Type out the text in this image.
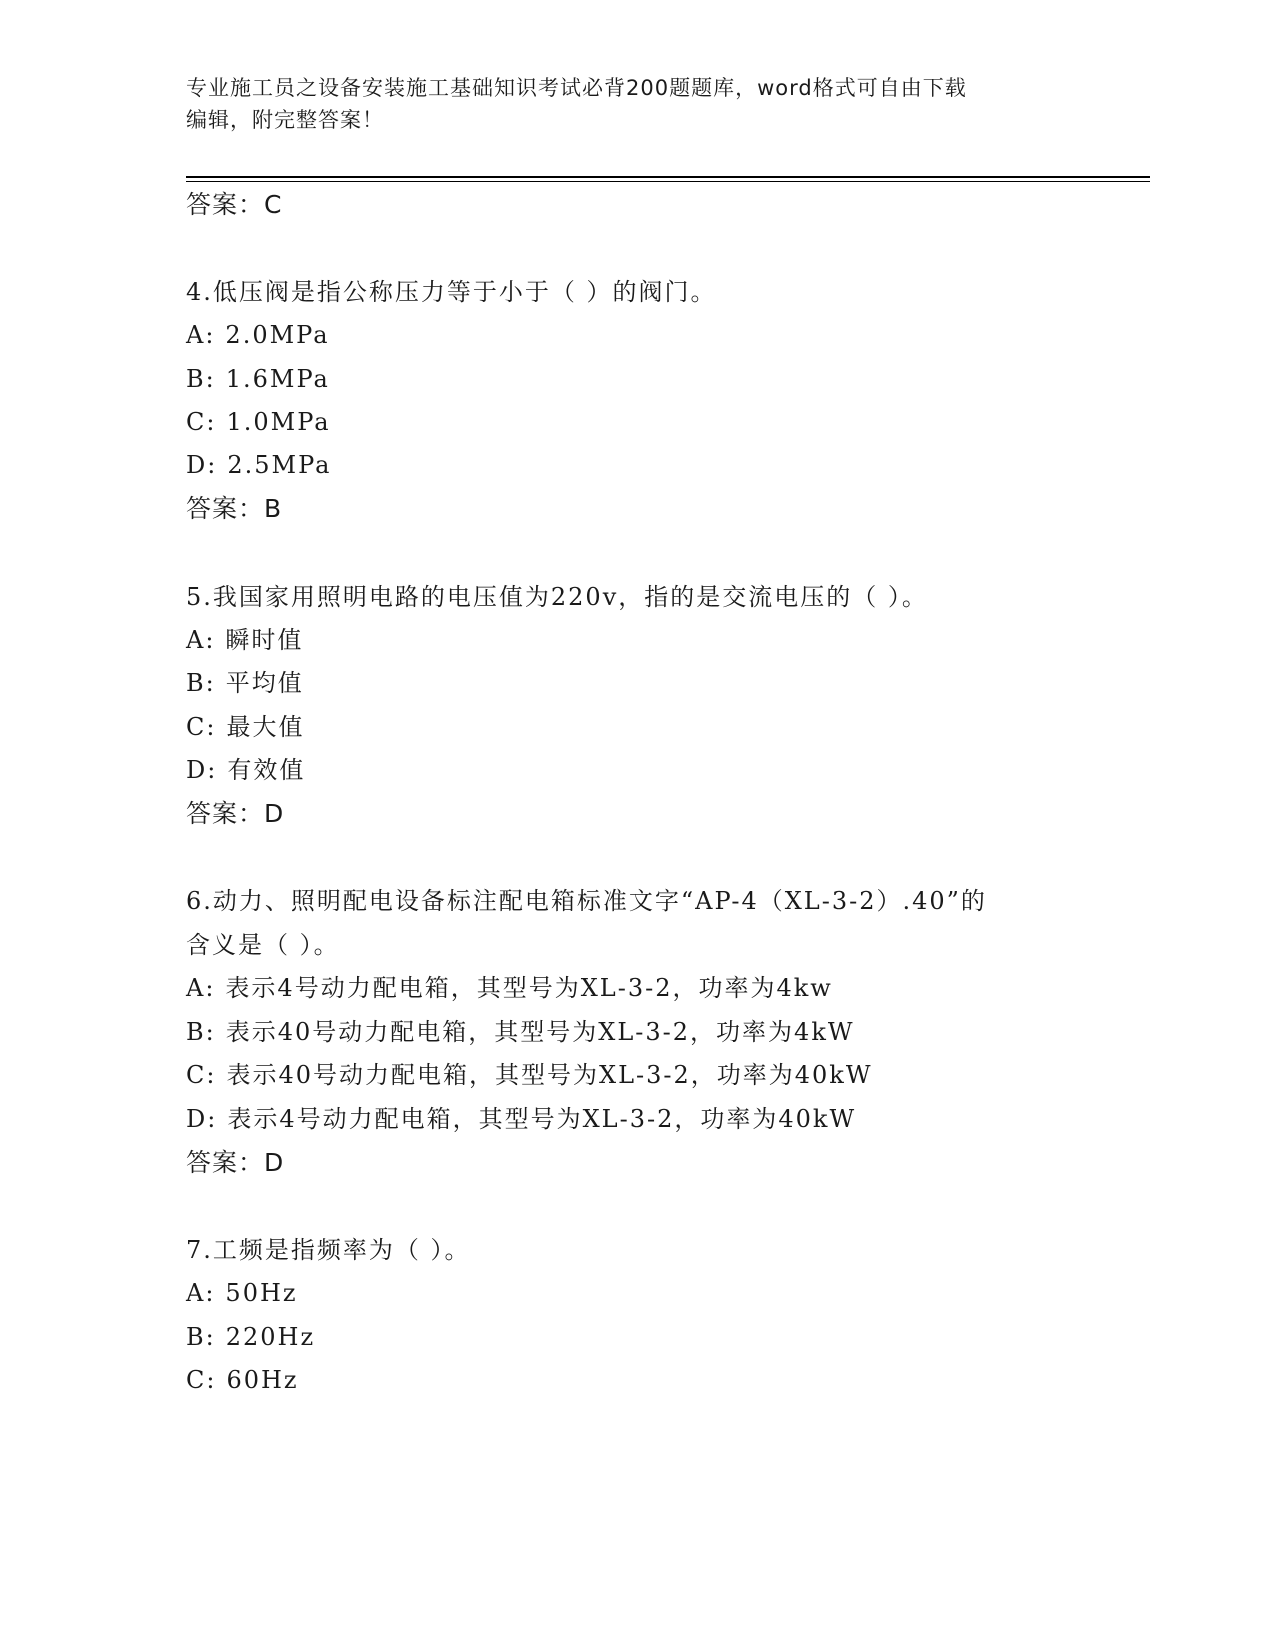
专业施工员之设备安装施工基础知识考试必背200题题库，word格式可自由下载
编辑，附完整答案！
答案：C
4.低压阀是指公称压力等于小于（ ）的阀门。
A: 2.0MPa
B: 1.6MPa
C: 1.0MPa
D: 2.5MPa
答案：B
5.我国家用照明电路的电压值为220v，指的是交流电压的（ ）。
A: 瞬时值
B: 平均值
C: 最大值
D: 有效值
答案：D
6.动力、照明配电设备标注配电箱标准文字“AP-4（XL-3-2）.40”的
含义是（ ）。
A: 表示4号动力配电箱，其型号为XL-3-2，功率为4kw
B: 表示40号动力配电箱，其型号为XL-3-2，功率为4kW
C: 表示40号动力配电箱，其型号为XL-3-2，功率为40kW
D: 表示4号动力配电箱，其型号为XL-3-2，功率为40kW
答案：D
7.工频是指频率为（ ）。
A: 50Hz
B: 220Hz
C: 60Hz
